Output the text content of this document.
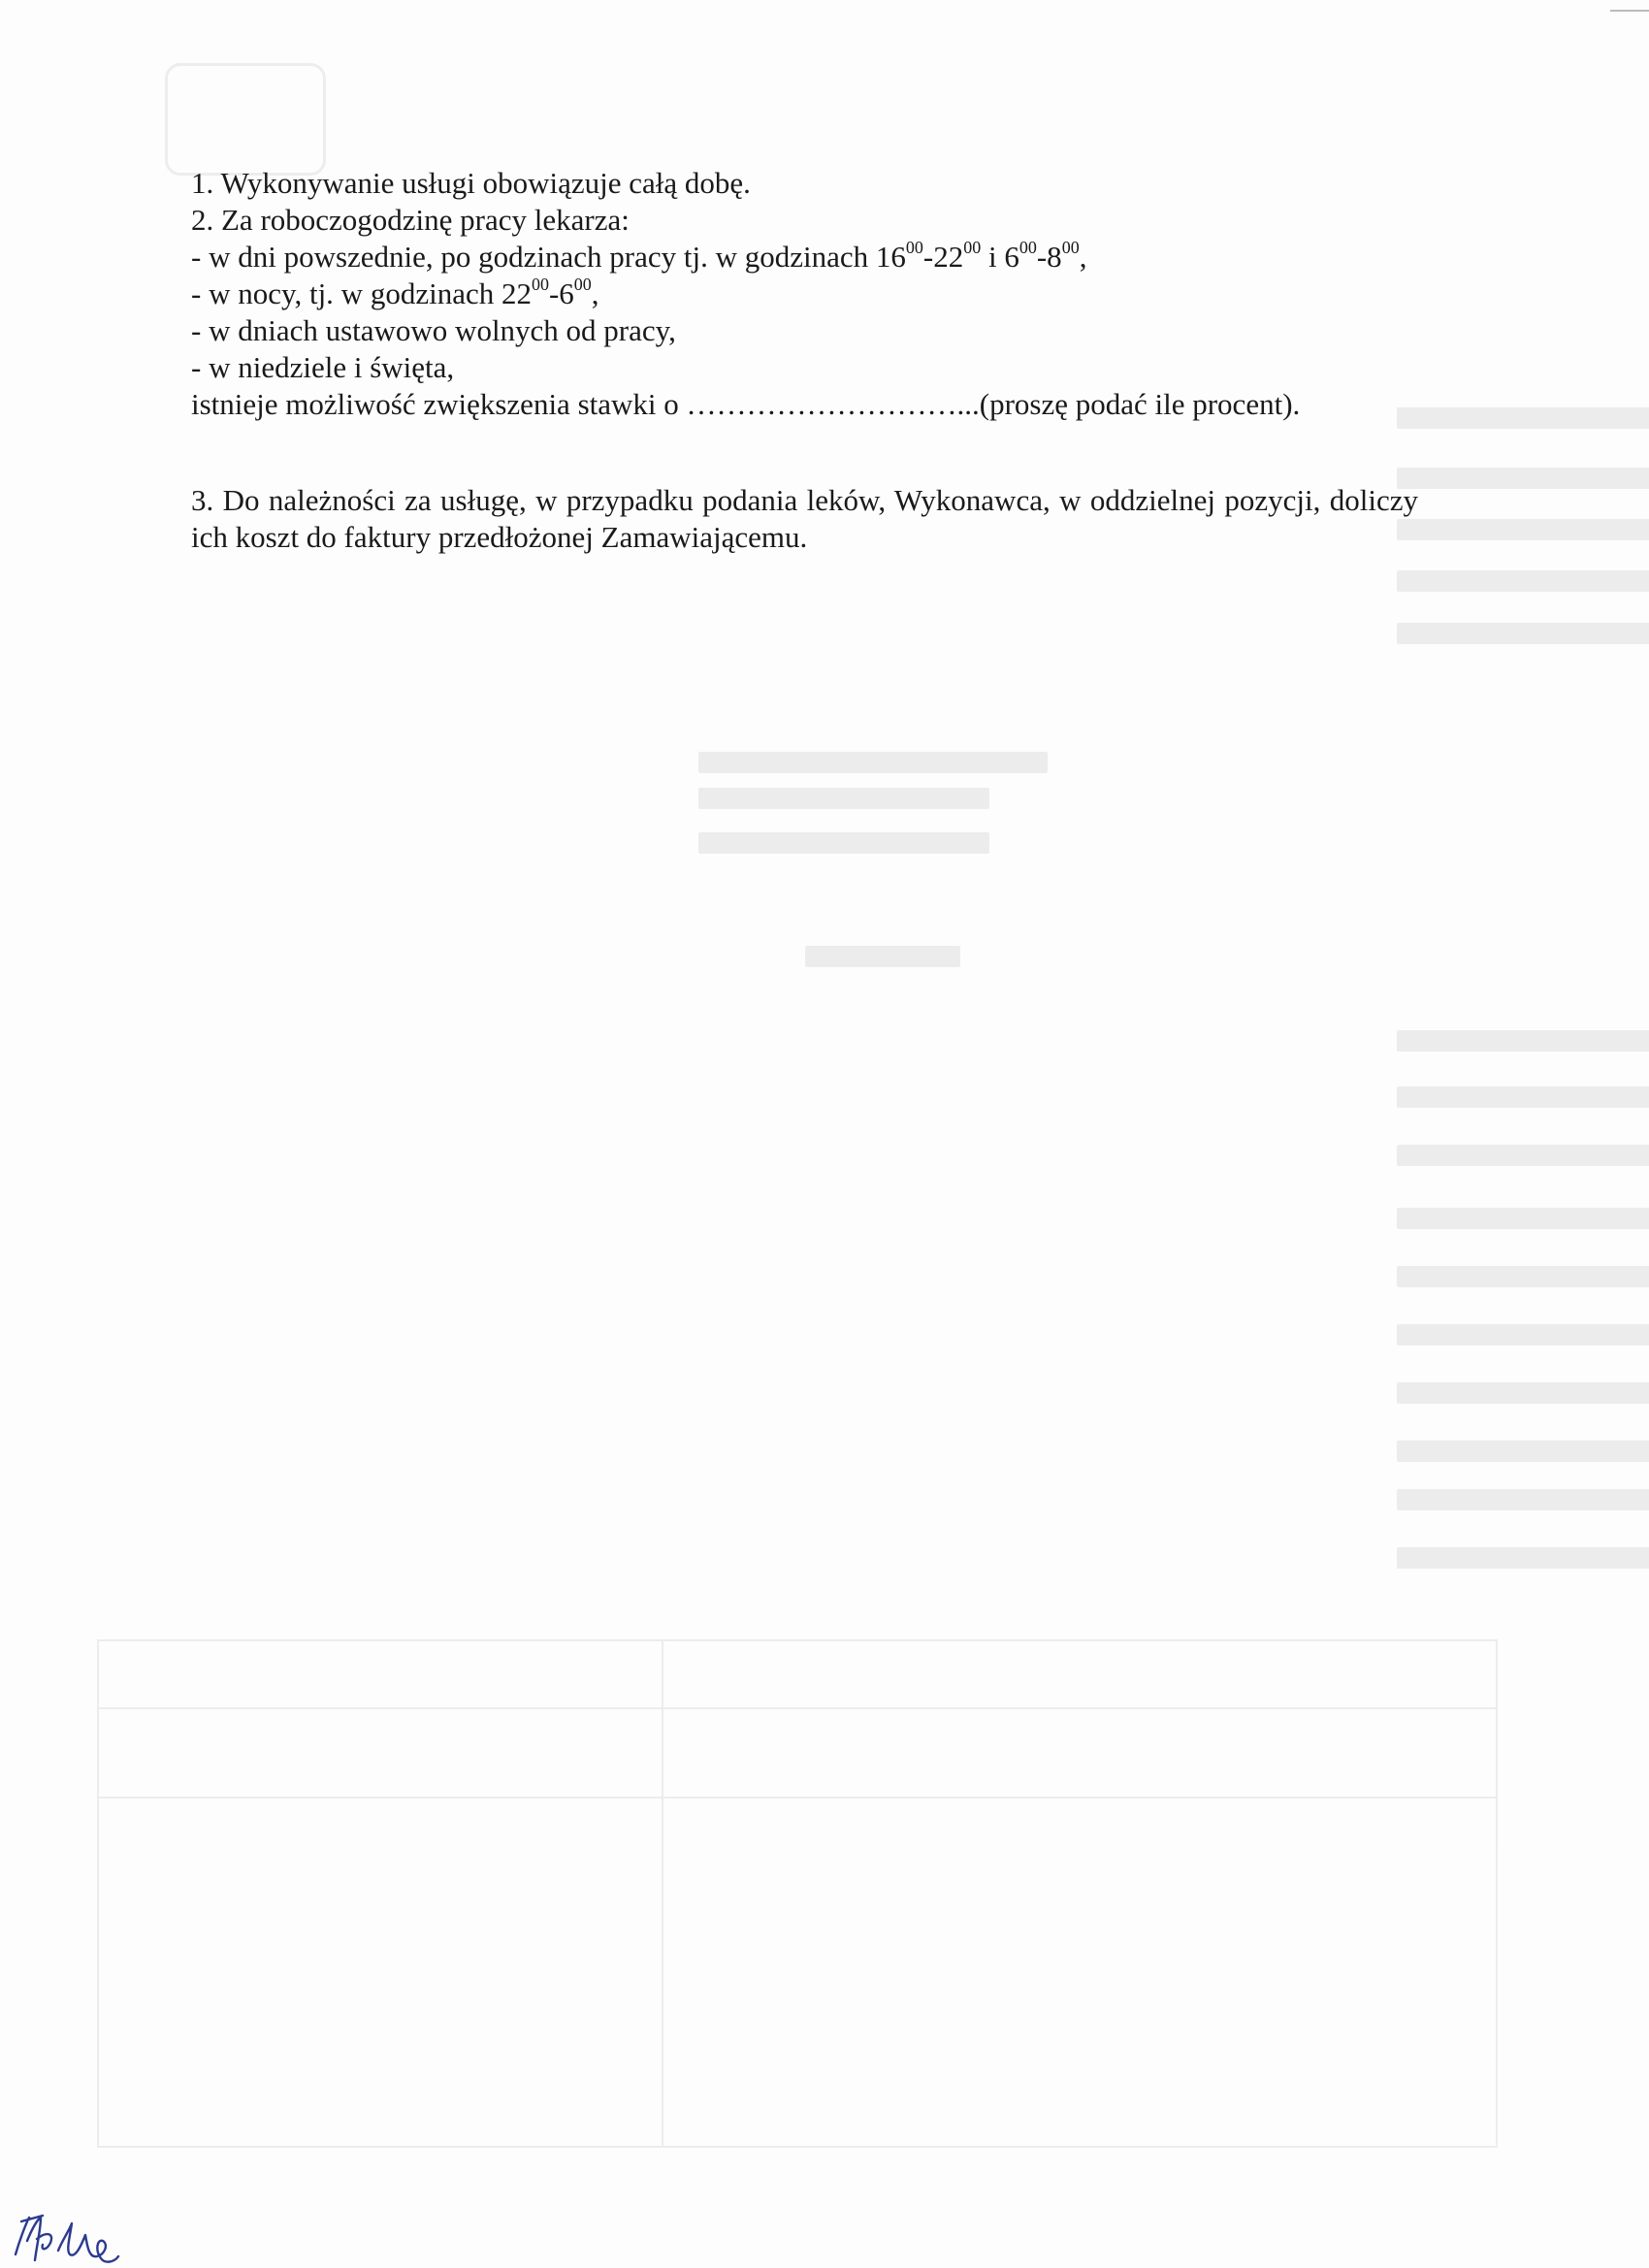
1. Wykonywanie usługi obowiązuje całą dobę.

2. Za roboczogodzinę pracy lekarza:

- w dni powszednie, po godzinach pracy tj. w godzinach $16^{00}-22^{00}$ i $6^{00}-8^{00}$,

- w nocy, tj. w godzinach $22^{00}-6^{00}$,

- w dniach ustawowo wolnych od pracy,

- w niedziele i święta,

istnieje możliwość zwiększenia stawki o ………………………...(proszę podać ile procent).

3. Do należności za usługę, w przypadku podania leków, Wykonawca, w oddzielnej pozycji, doliczy ich koszt do faktury przedłożonej Zamawiającemu.
